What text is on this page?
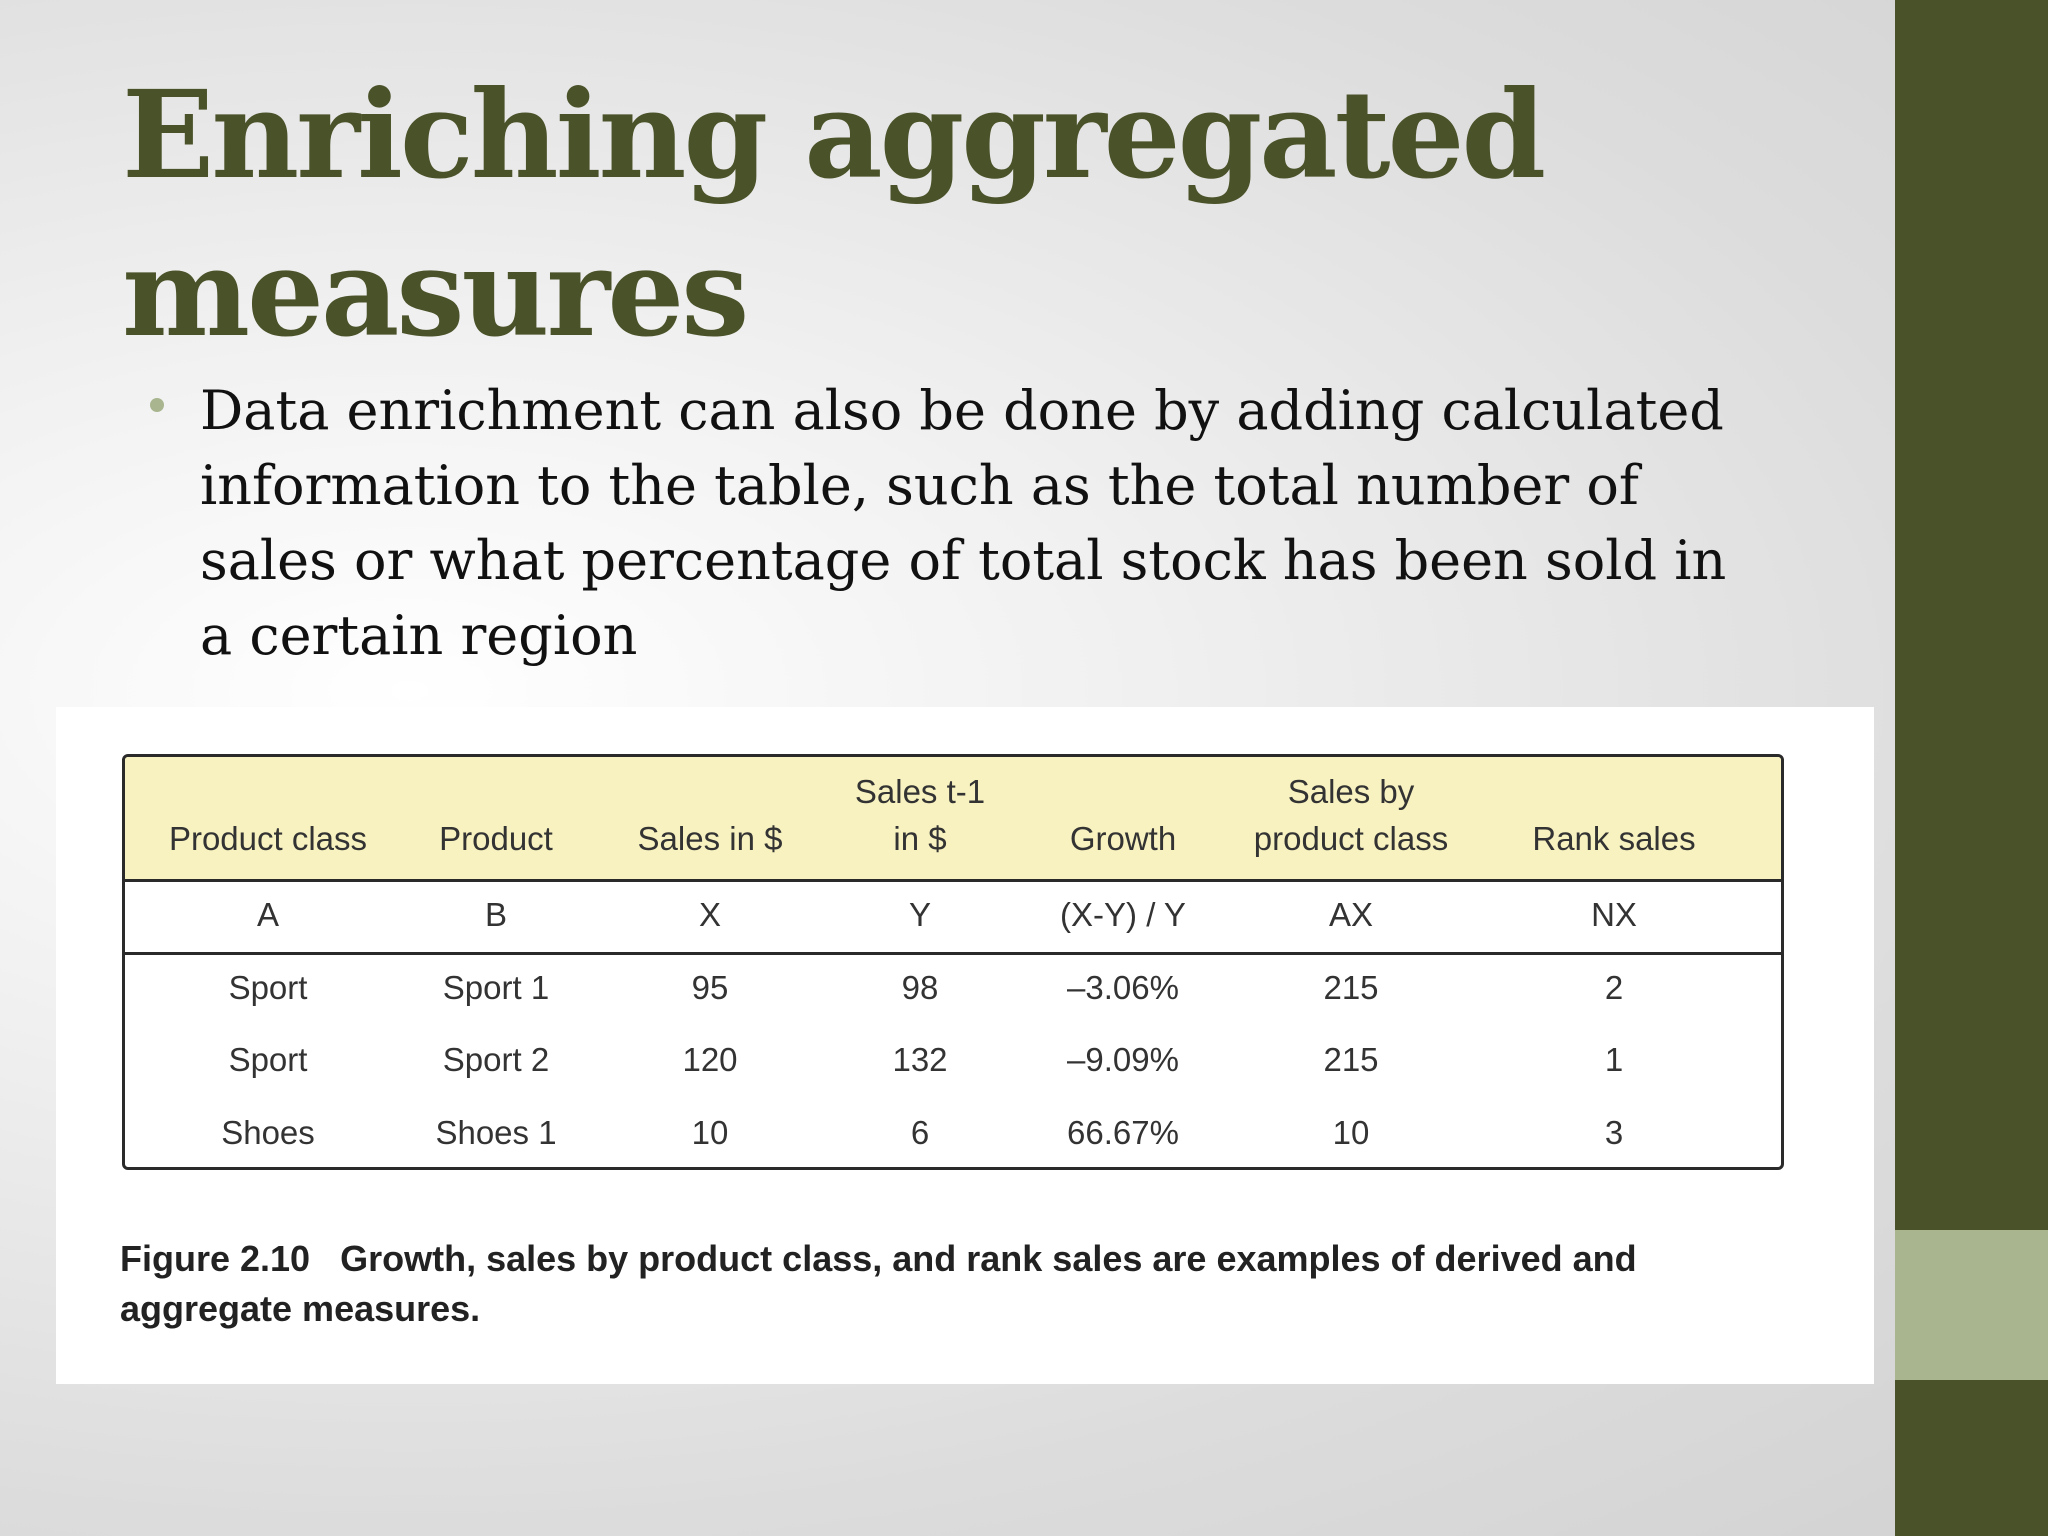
Enriching aggregated
measures

Data enrichment can also be done by adding calculated information to the table, such as the total number of sales or what percentage of total stock has been sold in a certain region

Sales t-1	Sales by
Product class	Product	Sales in $	in $	Growth	product class	Rank sales
A	B	X	Y	(X-Y) / Y	AX	NX
Sport	Sport 1	95	98	–3.06%	215	2
Sport	Sport 2	120	132	–9.09%	215	1
Shoes	Shoes 1	10	6	66.67%	10	3

Figure 2.10 Growth, sales by product class, and rank sales are examples of derived and aggregate measures.
